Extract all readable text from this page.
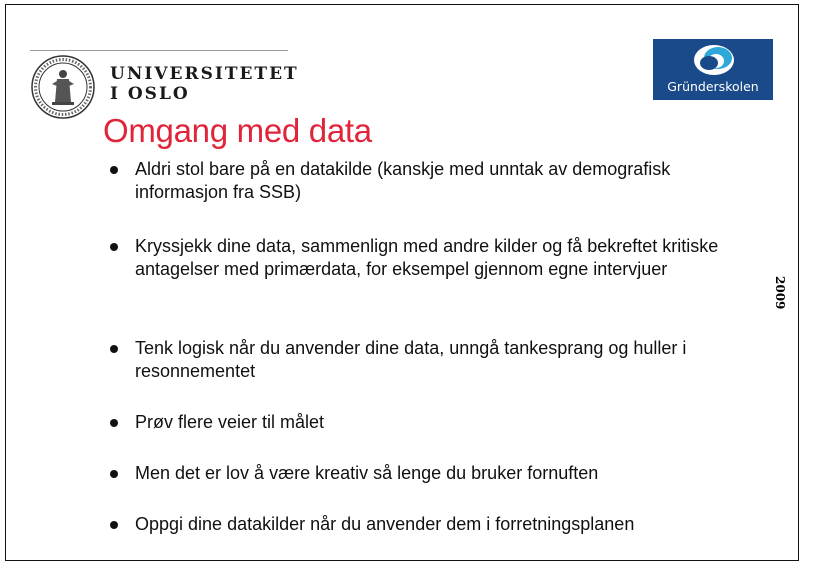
UNIVERSITETET
I OSLO	Gründerskolen
Omgang med data
2009
Aldri stol bare på en datakilde (kanskje med unntak av demografisk informasjon fra SSB)
Kryssjekk dine data, sammenlign med andre kilder og få bekreftet kritiske antagelser med primærdata, for eksempel gjennom egne intervjuer
Tenk logisk når du anvender dine data, unngå tankesprang og huller i resonnementet
Prøv flere veier til målet
Men det er lov å være kreativ så lenge du bruker fornuften
Oppgi dine datakilder når du anvender dem i forretningsplanen
